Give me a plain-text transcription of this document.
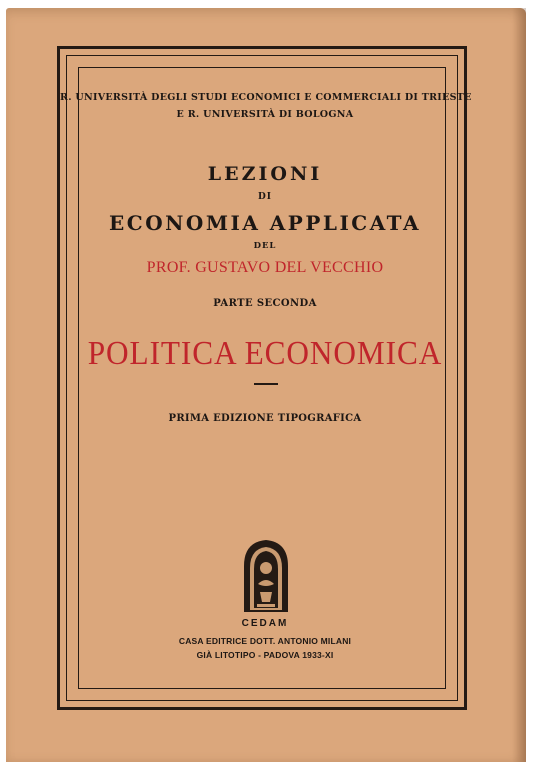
R. UNIVERSITÀ DEGLI STUDI ECONOMICI E COMMERCIALI DI TRIESTE
E R. UNIVERSITÀ DI BOLOGNA
LEZIONI
DI
ECONOMIA APPLICATA
DEL
PROF. GUSTAVO DEL VECCHIO
PARTE SECONDA
POLITICA ECONOMICA
PRIMA EDIZIONE TIPOGRAFICA
CEDAM
CASA EDITRICE DOTT. ANTONIO MILANI
GIÀ LITOTIPO - PADOVA 1933-XI
